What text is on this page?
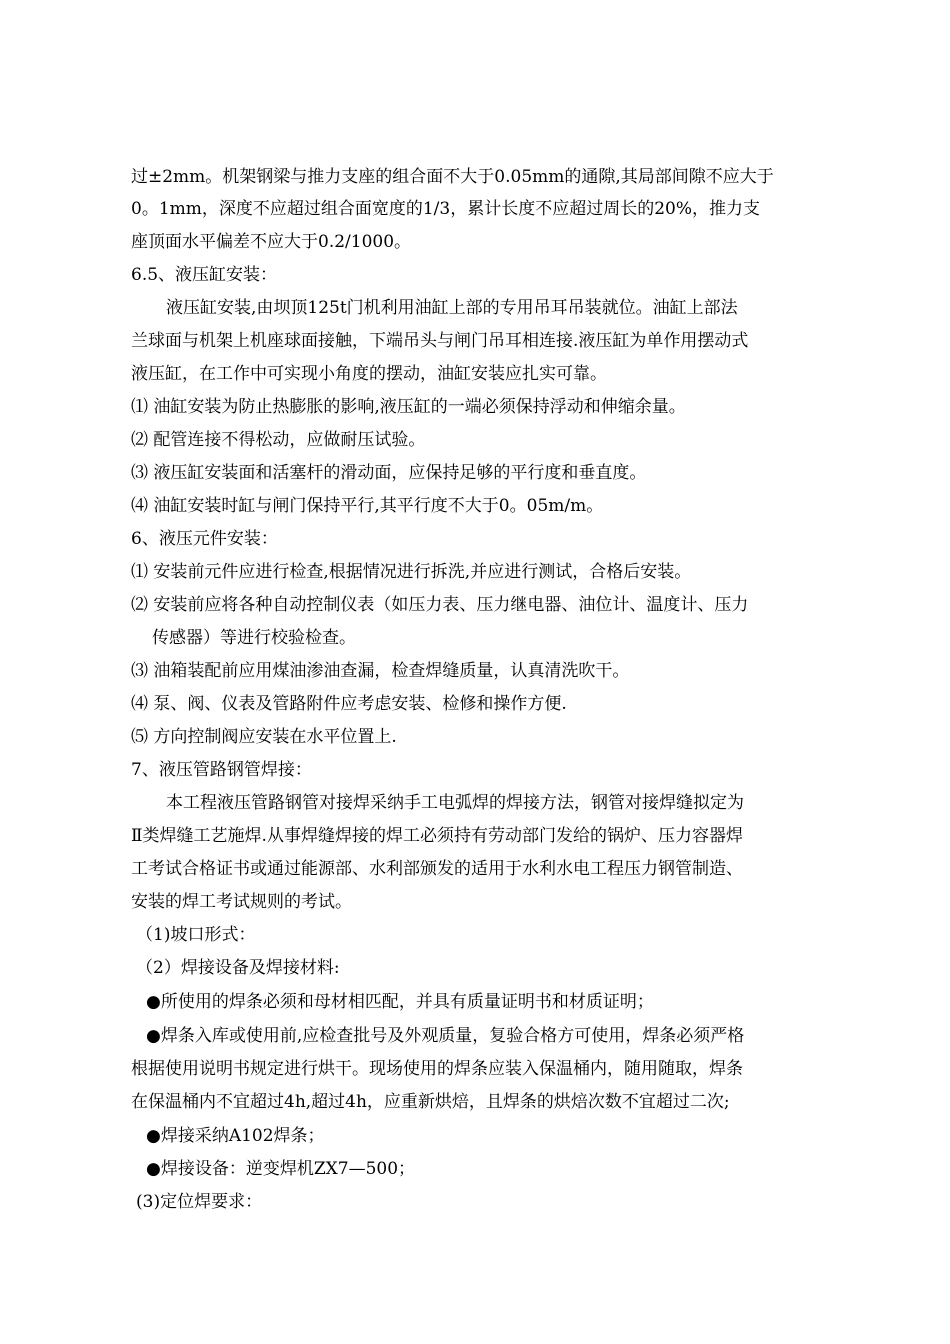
过±2mm。机架钢梁与推力支座的组合面不大于0.05mm的通隙,其局部间隙不应大于
0。1mm，深度不应超过组合面宽度的1/3，累计长度不应超过周长的20%，推力支
座顶面水平偏差不应大于0.2/1000。
6.5、液压缸安装：
液压缸安装,由坝顶125t门机利用油缸上部的专用吊耳吊装就位。油缸上部法
兰球面与机架上机座球面接触，下端吊头与闸门吊耳相连接.液压缸为单作用摆动式
液压缸，在工作中可实现小角度的摆动，油缸安装应扎实可靠。
⑴ 油缸安装为防止热膨胀的影响,液压缸的一端必须保持浮动和伸缩余量。
⑵ 配管连接不得松动，应做耐压试验。
⑶ 液压缸安装面和活塞杆的滑动面，应保持足够的平行度和垂直度。
⑷ 油缸安装时缸与闸门保持平行,其平行度不大于0。05m/m。
6、液压元件安装：
⑴ 安装前元件应进行检查,根据情况进行拆洗,并应进行测试，合格后安装。
⑵ 安装前应将各种自动控制仪表（如压力表、压力继电器、油位计、温度计、压力
传感器）等进行校验检查。
⑶ 油箱装配前应用煤油渗油查漏，检查焊缝质量，认真清洗吹干。
⑷ 泵、阀、仪表及管路附件应考虑安装、检修和操作方便.
⑸ 方向控制阀应安装在水平位置上.
7、液压管路钢管焊接：
本工程液压管路钢管对接焊采纳手工电弧焊的焊接方法，钢管对接焊缝拟定为
Ⅱ类焊缝工艺施焊.从事焊缝焊接的焊工必须持有劳动部门发给的锅炉、压力容器焊
工考试合格证书或通过能源部、水利部颁发的适用于水利水电工程压力钢管制造、
安装的焊工考试规则的考试。
（1)坡口形式：
（2）焊接设备及焊接材料:
●所使用的焊条必须和母材相匹配，并具有质量证明书和材质证明；
●焊条入库或使用前,应检查批号及外观质量，复验合格方可使用，焊条必须严格
根据使用说明书规定进行烘干。现场使用的焊条应装入保温桶内，随用随取，焊条
在保温桶内不宜超过4h,超过4h，应重新烘焙，且焊条的烘焙次数不宜超过二次;
●焊接采纳A102焊条；
●焊接设备：逆变焊机ZX7—500；
(3)定位焊要求：
